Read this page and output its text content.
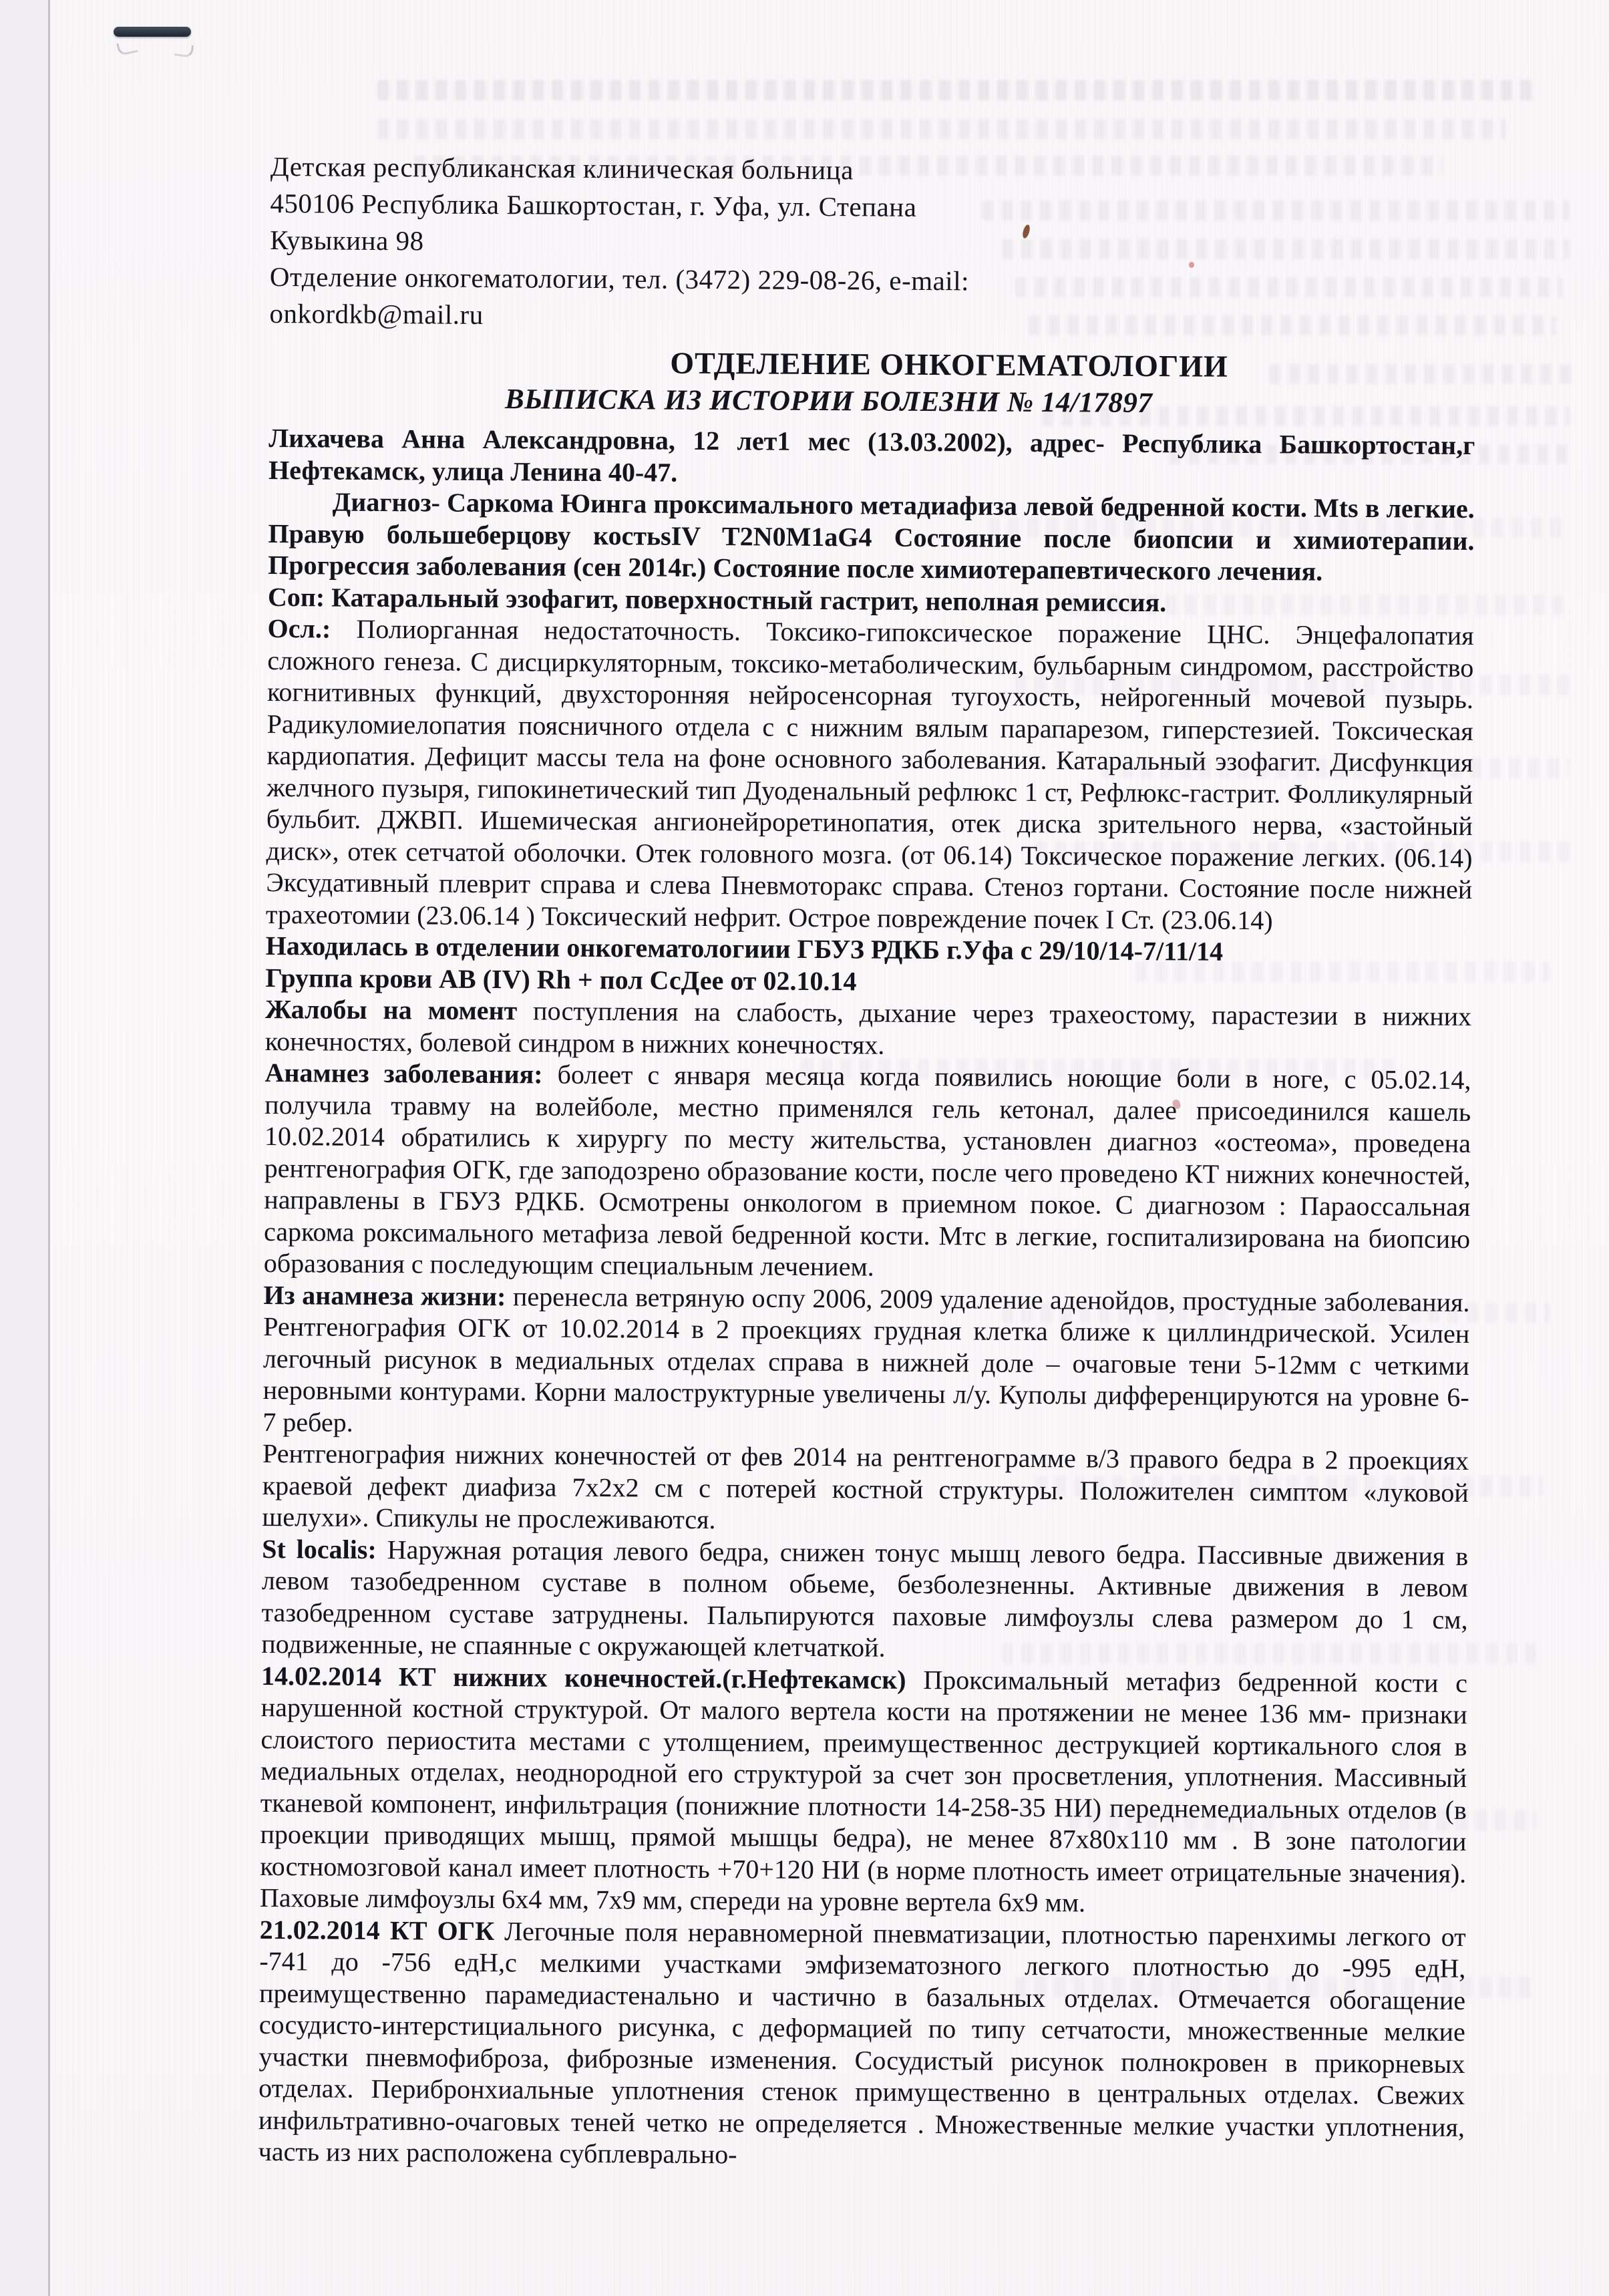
Детская республиканская клиническая больница
450106 Республика Башкортостан, г. Уфа, ул. Степана
Кувыкина 98
Отделение онкогематологии, тел. (3472) 229-08-26, e-mail:
onkordkb@mail.ru
ОТДЕЛЕНИЕ ОНКОГЕМАТОЛОГИИ
ВЫПИСКА ИЗ ИСТОРИИ БОЛЕЗНИ № 14/17897

Лихачева Анна Александровна, 12 лет1 мес (13.03.2002), адрес- Республика Башкортостан,г Нефтекамск, улица Ленина 40-47.

Диагноз- Саркома Юинга проксимального метадиафиза левой бедренной кости. Mts в легкие. Правую большеберцову костьsIV T2N0M1aG4 Состояние после биопсии и химиотерапии. Прогрессия заболевания (сен 2014г.) Состояние после химиотерапевтического лечения.

Соп: Катаральный эзофагит, поверхностный гастрит, неполная ремиссия.

Осл.: Полиорганная недостаточность. Токсико-гипоксическое поражение ЦНС. Энцефалопатия сложного генеза. С дисциркуляторным, токсико-метаболическим, бульбарным синдромом, расстройство когнитивных функций, двухсторонняя нейросенсорная тугоухость, нейрогенный мочевой пузырь. Радикуломиелопатия поясничного отдела с с нижним вялым парапарезом, гиперстезией. Токсическая кардиопатия. Дефицит массы тела на фоне основного заболевания. Катаральный эзофагит. Дисфункция желчного пузыря, гипокинетический тип Дуоденальный рефлюкс 1 ст, Рефлюкс-гастрит. Фолликулярный бульбит. ДЖВП. Ишемическая ангионейроретинопатия, отек диска зрительного нерва, «застойный диск», отек сетчатой оболочки. Отек головного мозга. (от 06.14) Токсическое поражение легких. (06.14) Эксудативный плеврит справа и слева Пневмоторакс справа. Стеноз гортани. Состояние после нижней трахеотомии (23.06.14 ) Токсический нефрит. Острое повреждение почек I Ст. (23.06.14)

Находилась в отделении онкогематологиии ГБУЗ РДКБ г.Уфа с 29/10/14-7/11/14

Группа крови АВ (IV) Rh + пол СсДее от 02.10.14

Жалобы на момент поступления на слабость, дыхание через трахеостому, парастезии в нижних конечностях, болевой синдром в нижних конечностях.

Анамнез заболевания: болеет с января месяца когда появились ноющие боли в ноге, с 05.02.14, получила травму на волейболе, местно применялся гель кетонал, далее присоединился кашель 10.02.2014 обратились к хирургу по месту жительства, установлен диагноз «остеома», проведена рентгенография ОГК, где заподозрено образование кости, после чего проведено КТ нижних конечностей, направлены в ГБУЗ РДКБ. Осмотрены онкологом в приемном покое. С диагнозом : Параоссальная саркома роксимального метафиза левой бедренной кости. Мтс в легкие, госпитализирована на биопсию образования с последующим специальным лечением.

Из анамнеза жизни: перенесла ветряную оспу 2006, 2009 удаление аденойдов, простудные заболевания. Рентгенография ОГК от 10.02.2014 в 2 проекциях грудная клетка ближе к циллиндрической. Усилен легочный рисунок в медиальных отделах справа в нижней доле – очаговые тени 5-12мм с четкими неровными контурами. Корни малоструктурные увеличены л/у. Куполы дифференцируются на уровне 6-7 ребер.

Рентгенография нижних конечностей от фев 2014 на рентгенограмме в/3 правого бедра в 2 проекциях краевой дефект диафиза 7х2х2 см с потерей костной структуры. Положителен симптом «луковой шелухи». Спикулы не прослеживаются.

St localis: Наружная ротация левого бедра, снижен тонус мышц левого бедра. Пассивные движения в левом тазобедренном суставе в полном обьеме, безболезненны. Активные движения в левом тазобедренном суставе затруднены. Пальпируются паховые лимфоузлы слева размером до 1 см, подвиженные, не спаянные с окружающей клетчаткой.

14.02.2014 КТ нижних конечностей.(г.Нефтекамск) Проксимальный метафиз бедренной кости с нарушенной костной структурой. От малого вертела кости на протяжении не менее 136 мм- признаки слоистого периостита местами с утолщением, преимущественнос деструкцией кортикального слоя в медиальных отделах, неоднородной его структурой за счет зон просветления, уплотнения. Массивный тканевой компонент, инфильтрация (понижние плотности 14-258-35 НИ) переднемедиальных отделов (в проекции приводящих мышц, прямой мышцы бедра), не менее 87х80х110 мм . В зоне патологии костномозговой канал имеет плотность +70+120 НИ (в норме плотность имеет отрицательные значения). Паховые лимфоузлы 6х4 мм, 7х9 мм, спереди на уровне вертела 6х9 мм.

21.02.2014 КТ ОГК Легочные поля неравномерной пневматизации, плотностью паренхимы легкого от -741 до -756 едН,с мелкими участками эмфизематозного легкого плотностью до -995 едН, преимущественно парамедиастенально и частично в базальных отделах. Отмечается обогащение сосудисто-интерстициального рисунка, с деформацией по типу сетчатости, множественные мелкие участки пневмофиброза, фиброзные изменения. Сосудистый рисунок полнокровен в прикорневых отделах. Перибронхиальные уплотнения стенок примущественно в центральных отделах. Свежих инфильтративно-очаговых теней четко не определяется . Множественные мелкие участки уплотнения, часть из них расположена субплеврально-
